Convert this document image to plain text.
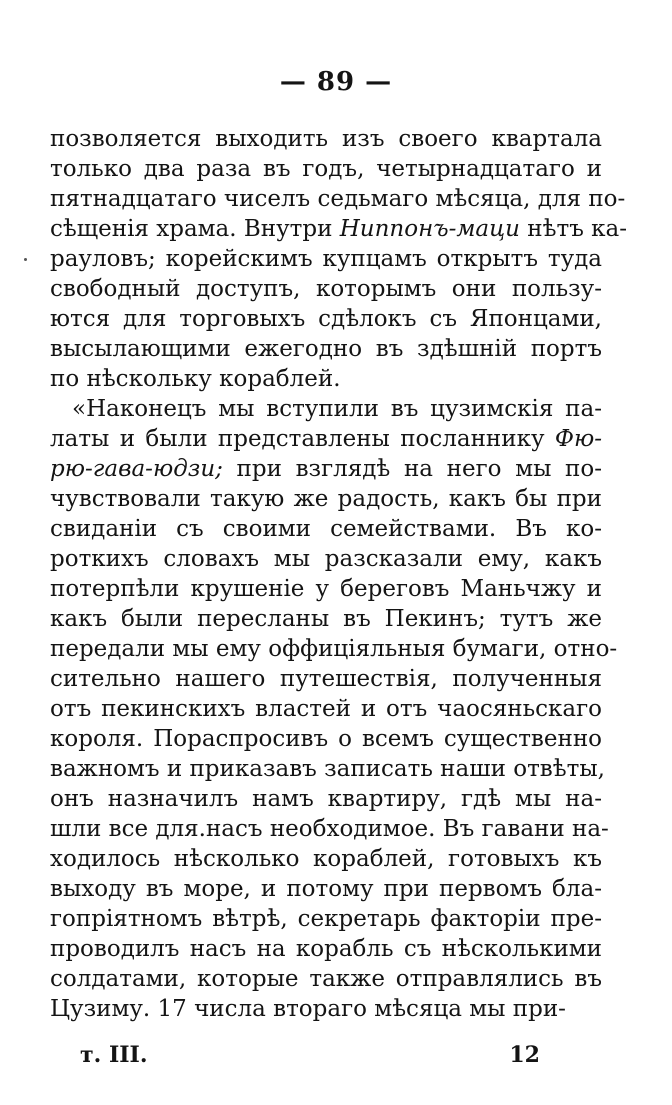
— 89 —
позволяется выходить изъ своего квартала
только два раза въ годъ, четырнадцатаго и
пятнадцатаго чиселъ седьмаго мѣсяца, для по-
сѣщенія храма. Внутри Ниппонъ-маци нѣтъ ка-
рауловъ; корейскимъ купцамъ открытъ туда
свободный доступъ, которымъ они пользу-
ются для торговыхъ сдѣлокъ съ Японцами,
высылающими ежегодно въ здѣшній портъ
по нѣскольку кораблей.
«Наконецъ мы вступили въ цузимскія па-
латы и были представлены посланнику Фю-
рю-гава-юдзи; при взглядѣ на него мы по-
чувствовали такую же радость, какъ бы при
свиданіи съ своими семействами. Въ ко-
роткихъ словахъ мы разсказали ему, какъ
потерпѣли крушеніе у береговъ Маньчжу и
какъ были пересланы въ Пекинъ; тутъ же
передали мы ему оффиціяльныя бумаги, отно-
сительно нашего путешествія, полученныя
отъ пекинскихъ властей и отъ чаосяньскаго
короля. Пораспросивъ о всемъ существенно
важномъ и приказавъ записать наши отвѣты,
онъ назначилъ намъ квартиру, гдѣ мы на-
шли все для.насъ необходимое. Въ гавани на-
ходилось нѣсколько кораблей, готовыхъ къ
выходу въ море, и потому при первомъ бла-
гопріятномъ вѣтрѣ, секретарь факторіи пре-
проводилъ насъ на корабль съ нѣсколькими
солдатами, которые также отправлялись въ
Цузиму. 17 числа втораго мѣсяца мы при-
т. III.	12
